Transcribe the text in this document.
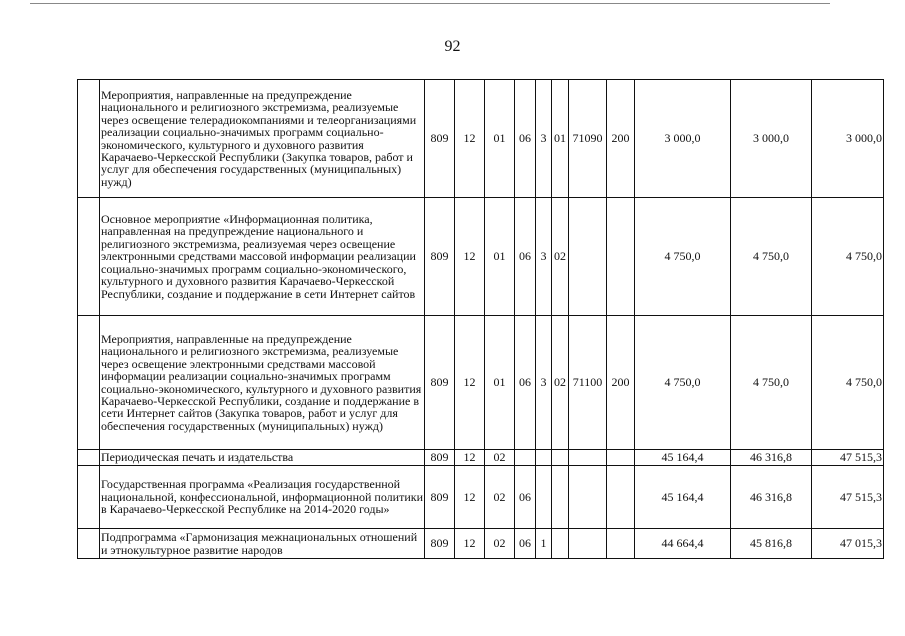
92
	Мероприятия, направленные на предупреждение национального и религиозного экстремизма, реализуемые через освещение телерадиокомпаниями и телеорганизациями реализации социально-значимых программ социально-экономического, культурного и духовного развития Карачаево-Черкесской Республики (Закупка товаров, работ и услуг для обеспечения государственных (муниципальных) нужд)	809	12	01	06	3	01	71090	200	3 000,0	3 000,0	3 000,0
	Основное мероприятие «Информационная политика, направленная на предупреждение национального и религиозного экстремизма, реализуемая через освещение электронными средствами массовой информации реализации социально-значимых программ социально-экономического, культурного и духовного развития Карачаево-Черкесской Республики, создание и поддержание в сети Интернет сайтов	809	12	01	06	3	02			4 750,0	4 750,0	4 750,0
	Мероприятия, направленные на предупреждение национального и религиозного экстремизма, реализуемые через освещение электронными средствами массовой информации реализации социально-значимых программ социально-экономического, культурного и духовного развития Карачаево-Черкесской Республики, создание и поддержание в сети Интернет сайтов (Закупка товаров, работ и услуг для обеспечения государственных (муниципальных) нужд)	809	12	01	06	3	02	71100	200	4 750,0	4 750,0	4 750,0
	Периодическая печать и издательства	809	12	02						45 164,4	46 316,8	47 515,3
	Государственная программа «Реализация государственной национальной, конфессиональной, информационной политики в Карачаево-Черкесской Республике на 2014-2020 годы»	809	12	02	06					45 164,4	46 316,8	47 515,3
	Подпрограмма «Гармонизация межнациональных отношений и этнокультурное развитие народов	809	12	02	06	1				44 664,4	45 816,8	47 015,3
